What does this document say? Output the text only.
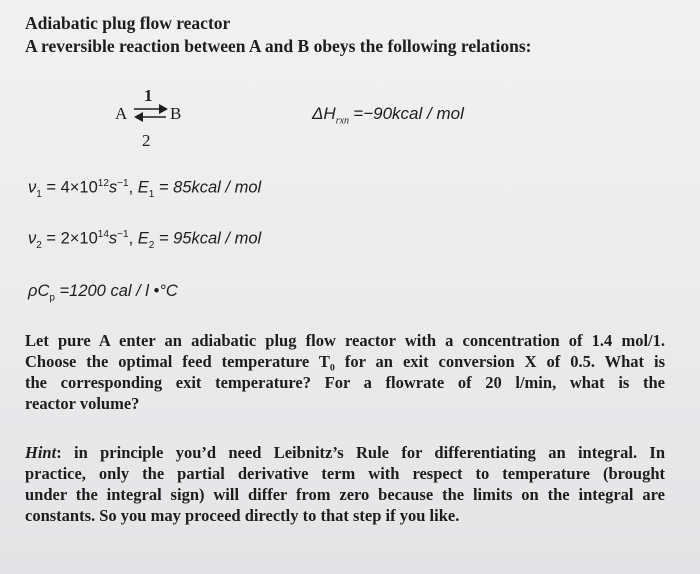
Adiabatic plug flow reactor
A reversible reaction between A and B obeys the following relations:
1
A ⇌ B
2
$\Delta H_{rxn}$ =−90kcal / mol
$\nu_1 = 4\times 10^{12}s^{-1}$, $E_1$ = 85kcal / mol
$\nu_2 = 2\times 10^{14}s^{-1}$, $E_2$ = 95kcal / mol
$\rho C_p =1200$ cal / l •°C
Let pure A enter an adiabatic plug flow reactor with a concentration of 1.4 mol/1.
Choose the optimal feed temperature T₀ for an exit conversion X of 0.5. What is
the corresponding exit temperature? For a flowrate of 20 l/min, what is the
reactor volume?
Hint: in principle you’d need Leibnitz’s Rule for differentiating an integral. In
practice, only the partial derivative term with respect to temperature (brought
under the integral sign) will differ from zero because the limits on the integral are
constants. So you may proceed directly to that step if you like.
